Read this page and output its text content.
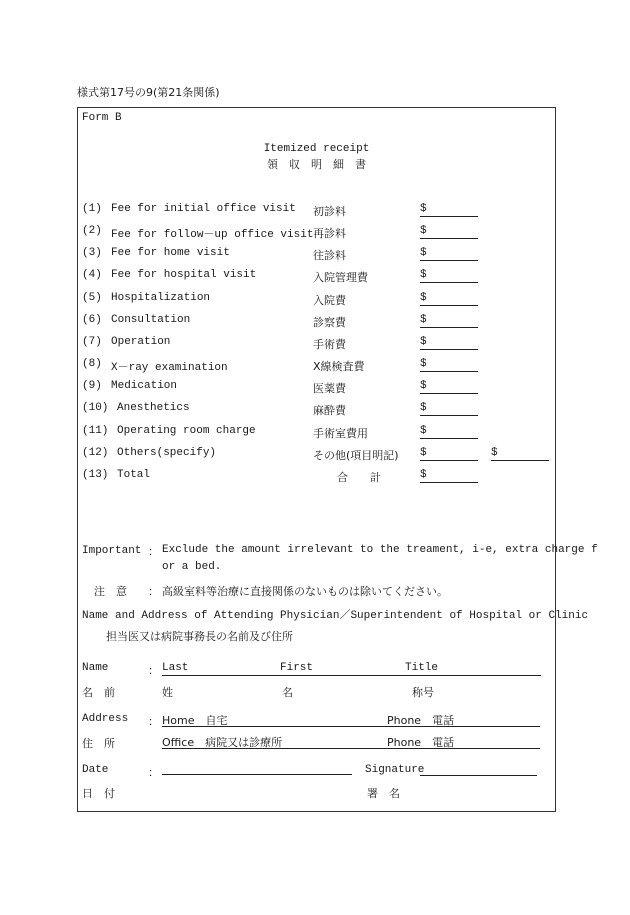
様式第17号の9(第21条関係)
Form B
Itemized receipt
領　収　明　細　書
(1) Fee for initial office visit 初診料	$
(2) Fee for follow－up office visit 再診料	$
(3) Fee for home visit	往診料	$
(4) Fee for hospital visit	入院管理費	$
(5) Hospitalization	入院費	$
(6) Consultation	診察費	$
(7) Operation	手術費	$
(8) X－ray examination	X線検査費	$
(9) Medication	医薬費	$
(10) Anesthetics	麻酔費	$
(11) Operating room charge	手術室費用	$
(12) Others(specify)	その他(項目明記) $	$
(13) Total	合　　計	$
Important ： Exclude the amount irrelevant to the treament, i-e, extra charge f
or a bed.
注　意 ： 高級室料等治療に直接関係のないものは除いてください。
Name and Address of Attending Physician／Superintendent of Hospital or Clinic
担当医又は病院事務長の名前及び住所
Name	： Last	First	Title
名　前	姓	名	称号
Address ： Home　自宅	Phone　電話
住　所	Office　病院又は診療所	Phone　電話
Date	：	Signature
日　付	署　名
